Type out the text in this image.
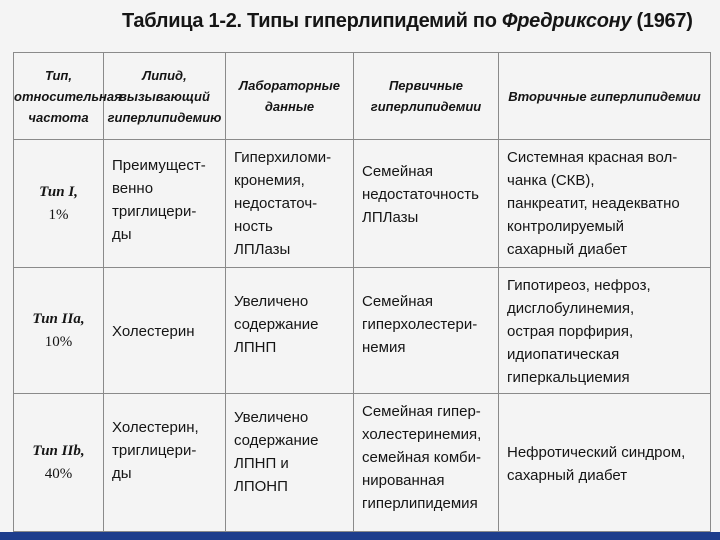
Таблица 1-2. Типы гиперлипидемий по Фредриксону (1967)
Тип, относительная частота	Липид, вызывающий гиперлипидемию	Лабораторные данные	Первичные гиперлипидемии	Вторичные гиперлипидемии

Тип I,
1%	Преимущест-
венно
триглицери-
ды	Гиперхиломи-
кронемия,
недостаточ-
ность
ЛПЛазы	Семейная
недостаточность
ЛПЛазы	Системная красная вол-
чанка (СКВ),
панкреатит, неадекватно
контролируемый
сахарный диабет

Тип IIa,
10%	Холестерин	Увеличено
содержание
ЛПНП	Семейная
гиперхолестери-
немия	Гипотиреоз, нефроз,
дисглобулинемия,
острая порфирия,
идиопатическая
гиперкальциемия

Тип IIb,
40%	Холестерин,
триглицери-
ды	Увеличено
содержание
ЛПНП и
ЛПОНП	Семейная гипер-
холестеринемия,
семейная комби-
нированная
гиперлипидемия	Нефротический синдром,
сахарный диабет
